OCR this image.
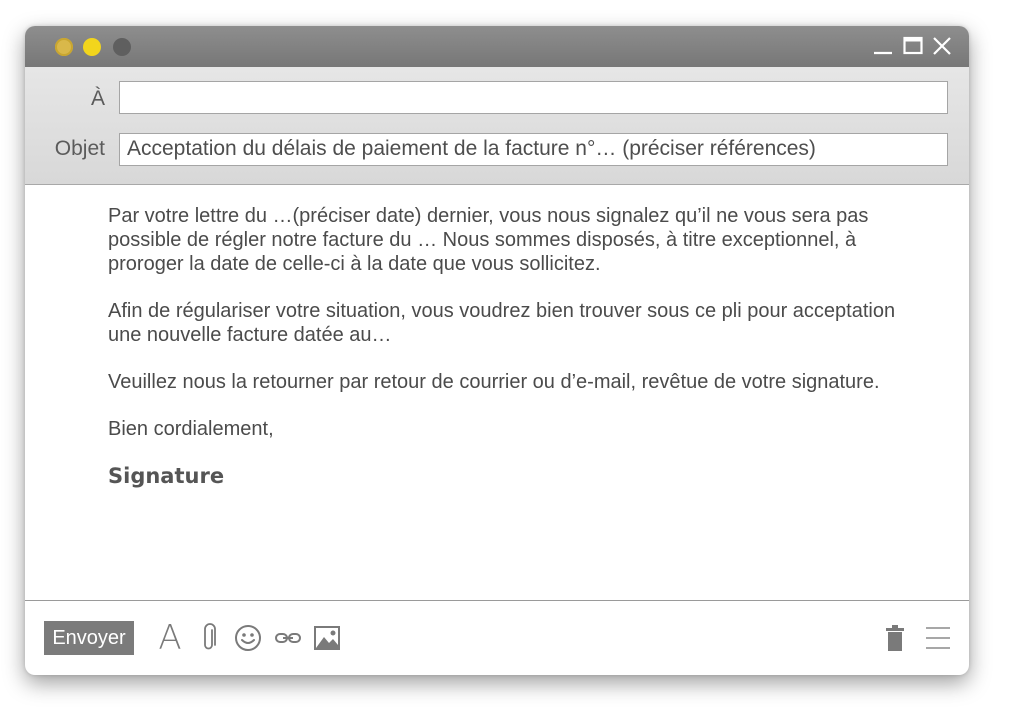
À
Objet	Acceptation du délais de paiement de la facture n°… (préciser références)

Par votre lettre du …(préciser date) dernier, vous nous signalez qu’il ne vous sera pas possible de régler notre facture du … Nous sommes disposés, à titre exceptionnel, à proroger la date de celle-ci à la date que vous sollicitez.

Afin de régulariser votre situation, vous voudrez bien trouver sous ce pli pour acceptation une nouvelle facture datée au…

Veuillez nous la retourner par retour de courrier ou d’e-mail, revêtue de votre signature.

Bien cordialement,

Signature

Envoyer A
